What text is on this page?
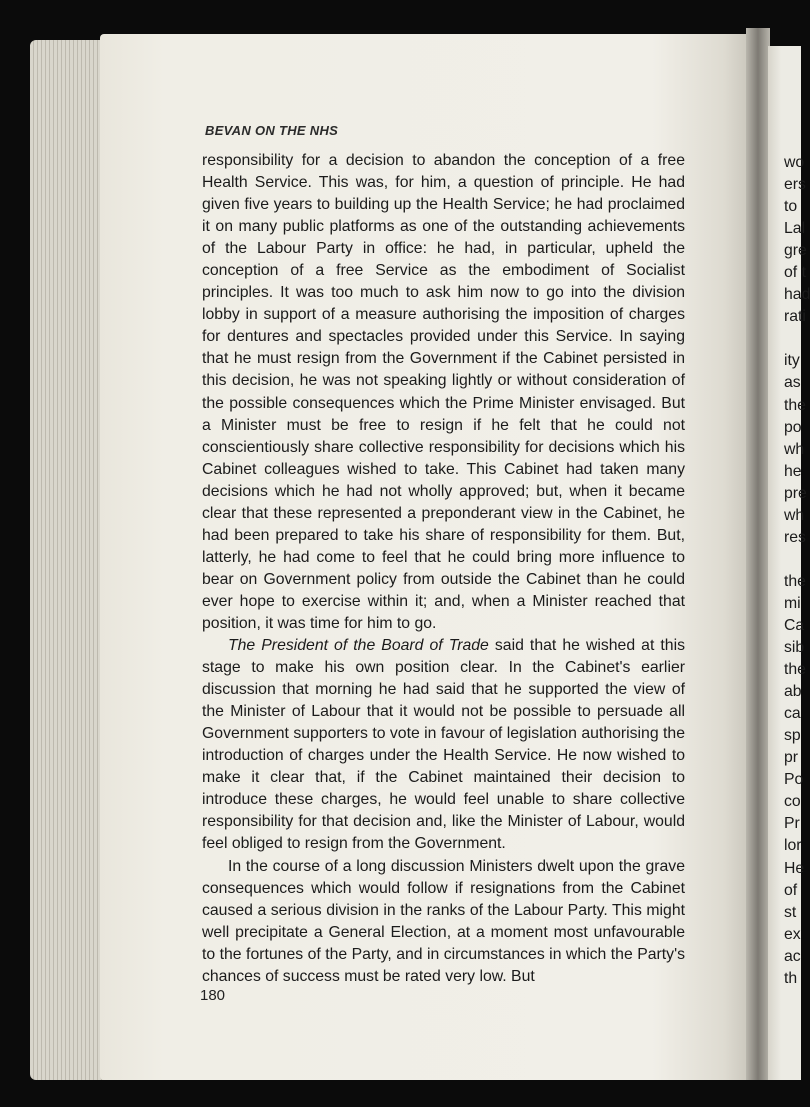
BEVAN ON THE NHS

responsibility for a decision to abandon the conception of a free Health Service. This was, for him, a question of principle. He had given five years to building up the Health Service; he had proclaimed it on many public platforms as one of the outstanding achievements of the Labour Party in office: he had, in particular, upheld the conception of a free Service as the embodiment of Socialist principles. It was too much to ask him now to go into the division lobby in support of a measure authorising the imposition of charges for dentures and spectacles provided under this Service. In saying that he must resign from the Government if the Cabinet persisted in this decision, he was not speaking lightly or without consideration of the possible consequences which the Prime Minister envisaged. But a Minister must be free to resign if he felt that he could not conscientiously share collective responsibility for decisions which his Cabinet colleagues wished to take. This Cabinet had taken many decisions which he had not wholly approved; but, when it became clear that these represented a preponderant view in the Cabinet, he had been prepared to take his share of responsibility for them. But, latterly, he had come to feel that he could bring more influence to bear on Government policy from outside the Cabinet than he could ever hope to exercise within it; and, when a Minister reached that position, it was time for him to go.

The President of the Board of Trade said that he wished at this stage to make his own position clear. In the Cabinet's earlier discussion that morning he had said that he supported the view of the Minister of Labour that it would not be possible to persuade all Government supporters to vote in favour of legislation authorising the introduction of charges under the Health Service. He now wished to make it clear that, if the Cabinet maintained their decision to introduce these charges, he would feel unable to share collective responsibility for that decision and, like the Minister of Labour, would feel obliged to resign from the Government.

In the course of a long discussion Ministers dwelt upon the grave consequences which would follow if resignations from the Cabinet caused a serious division in the ranks of the Labour Party. This might well precipitate a General Election, at a moment most unfavourable to the fortunes of the Party, and in circumstances in which the Party's chances of success must be rated very low. But

180
wo
ers
to
Lal
gre
of t
had
rati
ity
as
the
po
wh
he
pre
wh
res
the
mi
Ca
sib
the
ab
ca
sp
pr
Po
co
Pr
lor
He
of
st
ex
ac
th
